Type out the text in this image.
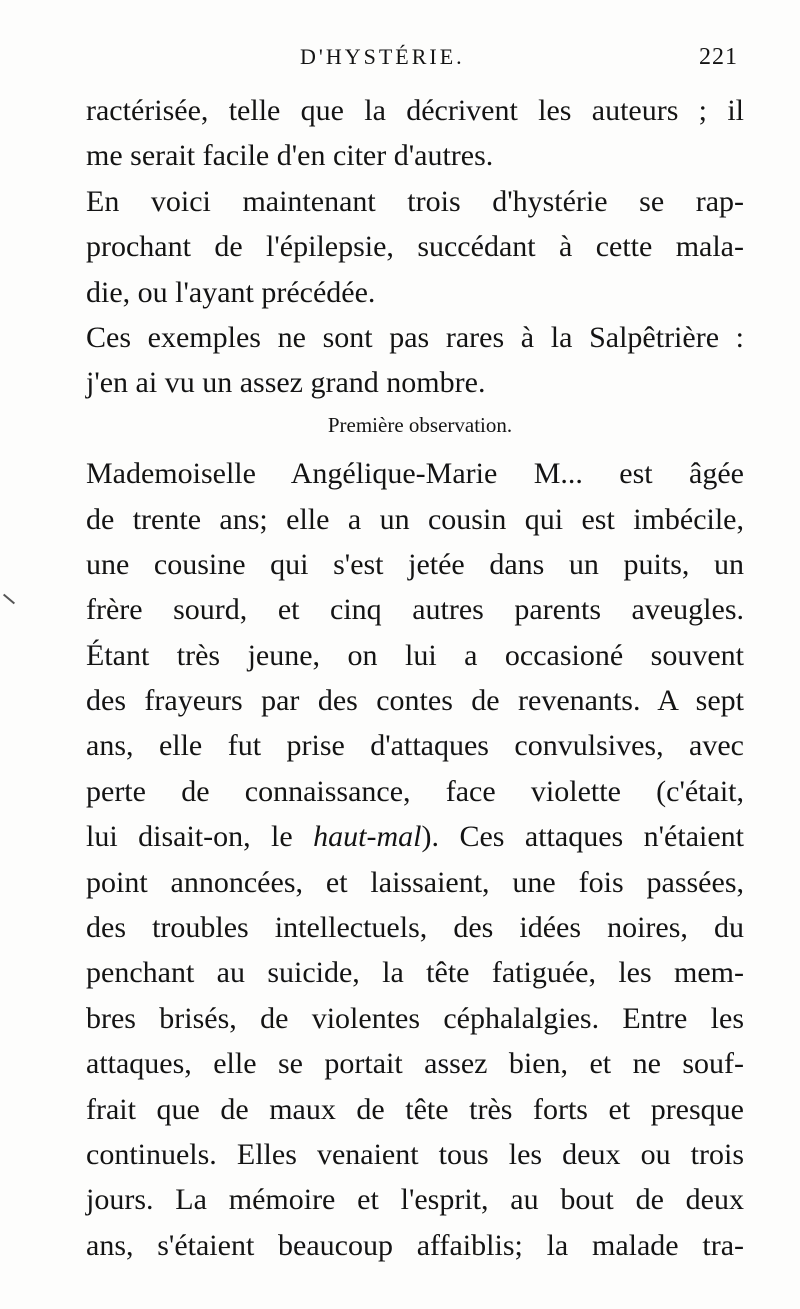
D'HYSTÉRIE.	221
ractérisée, telle que la décrivent les auteurs ; il
me serait facile d'en citer d'autres.
En voici maintenant trois d'hystérie se rap-
prochant de l'épilepsie, succédant à cette mala-
die, ou l'ayant précédée.
Ces exemples ne sont pas rares à la Salpêtrière :
j'en ai vu un assez grand nombre.
Première observation.
Mademoiselle Angélique-Marie M... est âgée
de trente ans; elle a un cousin qui est imbécile,
une cousine qui s'est jetée dans un puits, un
frère sourd, et cinq autres parents aveugles.
Étant très jeune, on lui a occasioné souvent
des frayeurs par des contes de revenants. A sept
ans, elle fut prise d'attaques convulsives, avec
perte de connaissance, face violette (c'était,
lui disait-on, le haut-mal). Ces attaques n'étaient
point annoncées, et laissaient, une fois passées,
des troubles intellectuels, des idées noires, du
penchant au suicide, la tête fatiguée, les mem-
bres brisés, de violentes céphalalgies. Entre les
attaques, elle se portait assez bien, et ne souf-
frait que de maux de tête très forts et presque
continuels. Elles venaient tous les deux ou trois
jours. La mémoire et l'esprit, au bout de deux
ans, s'étaient beaucoup affaiblis; la malade tra-
